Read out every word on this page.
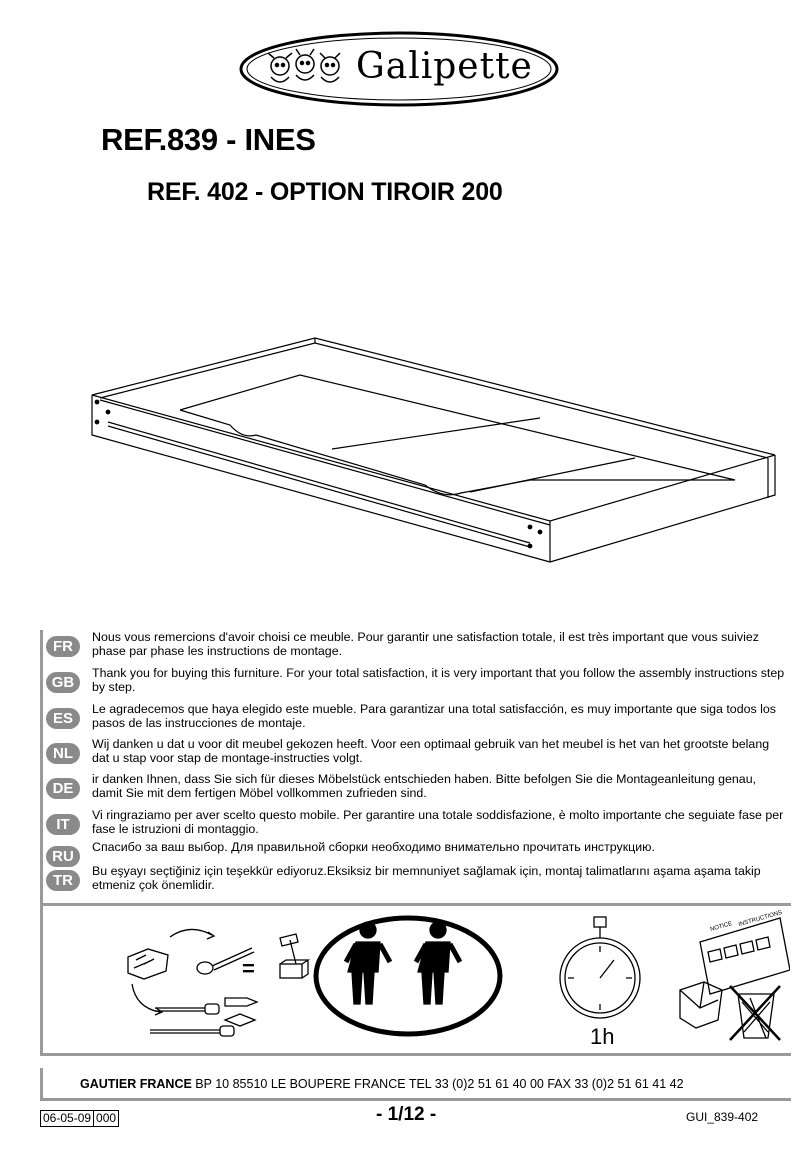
Galipette
REF.839 - INES
REF. 402 - OPTION TIROIR 200
FR
Nous vous remercions d'avoir choisi ce meuble. Pour garantir une satisfaction totale, il est très important que vous suiviez phase par phase les instructions de montage.
GB
Thank you for buying this furniture. For your total satisfaction, it is very important that you follow the assembly instructions step by step.
ES
Le agradecemos que haya elegido este mueble. Para garantizar una total satisfacción, es muy importante que siga todos los pasos de las instrucciones de montaje.
NL
Wij danken u dat u voor dit meubel gekozen heeft. Voor een optimaal gebruik van het meubel is het van het grootste belang dat u stap voor stap de montage-instructies volgt.
DE
ir danken Ihnen, dass Sie sich für dieses Möbelstück entschieden haben. Bitte befolgen Sie die Montageanleitung genau, damit Sie mit dem fertigen Möbel vollkommen zufrieden sind.
IT
Vi ringraziamo per aver scelto questo mobile. Per garantire una totale soddisfazione, è molto importante che seguiate fase per fase le istruzioni di montaggio.
RU
Спасибо за ваш выбор. Для правильной сборки необходимо внимательно прочитать инструкцию.
TR
Bu eşyayı seçtiğiniz için teşekkür ediyoruz.Eksiksiz bir memnuniyet sağlamak için, montaj talimatlarını aşama aşama takip etmeniz çok önemlidir.
=
1h
NOTICE INSTRUCTIONS
GAUTIER FRANCE BP 10 85510 LE BOUPERE FRANCE TEL 33 (0)2 51 61 40 00 FAX 33 (0)2 51 61 41 42
06-05-09 000	- 1/12 -	GUI_839-402
